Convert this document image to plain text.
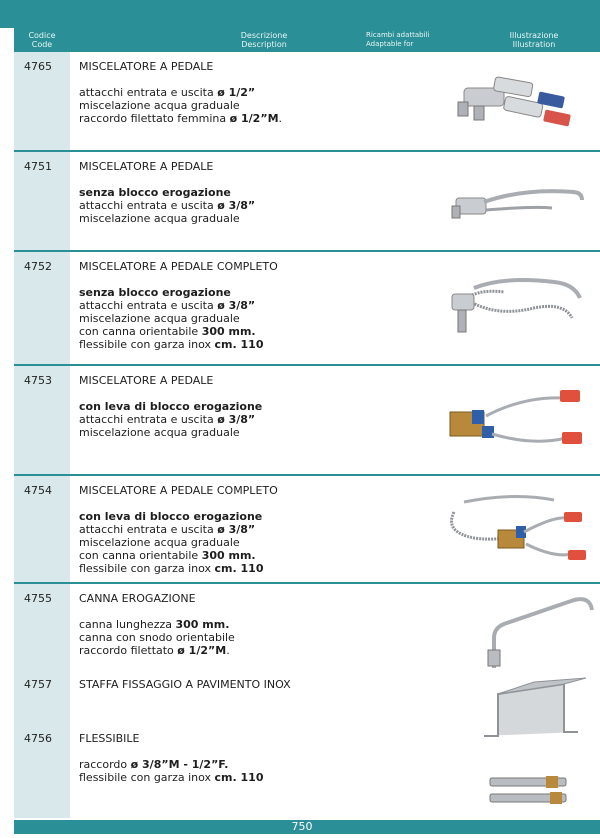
Codice
Code
Descrizione
Description
Ricambi adattabili
Adaptable for
Illustrazione
Illustration
4765 MISCELATORE A PEDALE
attacchi entrata e uscita ø 1/2”
miscelazione acqua graduale
raccordo filettato femmina ø 1/2”M.
4751 MISCELATORE A PEDALE
senza blocco erogazione
attacchi entrata e uscita ø 3/8”
miscelazione acqua graduale
4752 MISCELATORE A PEDALE COMPLETO
senza blocco erogazione
attacchi entrata e uscita ø 3/8”
miscelazione acqua graduale
con canna orientabile 300 mm.
flessibile con garza inox cm. 110
4753 MISCELATORE A PEDALE
con leva di blocco erogazione
attacchi entrata e uscita ø 3/8”
miscelazione acqua graduale
4754 MISCELATORE A PEDALE COMPLETO
con leva di blocco erogazione
attacchi entrata e uscita ø 3/8”
miscelazione acqua graduale
con canna orientabile 300 mm.
flessibile con garza inox cm. 110
4755 CANNA EROGAZIONE
canna lunghezza 300 mm.
canna con snodo orientabile
raccordo filettato ø 1/2”M.
4757 STAFFA FISSAGGIO A PAVIMENTO INOX
4756 FLESSIBILE
raccordo ø 3/8”M - 1/2”F.
flessibile con garza inox cm. 110
750
